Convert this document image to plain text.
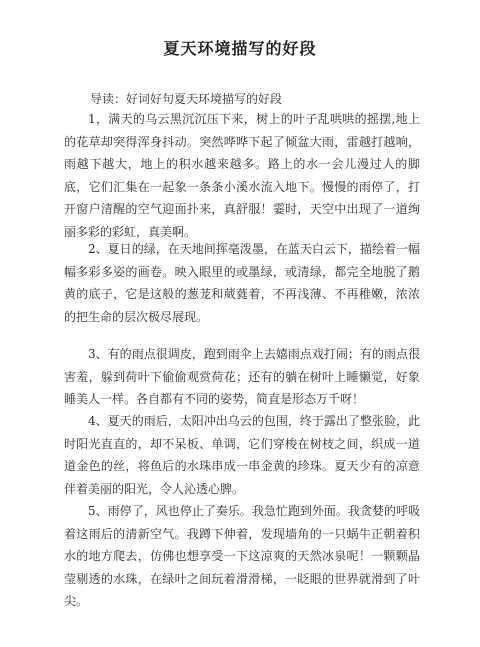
夏天环境描写的好段
导读：好词好句夏天环境描写的好段
1，满天的乌云黑沉沉压下来，树上的叶子乱哄哄的摇摆,地上的花草却突得浑身抖动。突然哗哗下起了倾盆大雨，雷越打越响，雨越下越大，地上的积水越来越多。路上的水一会儿漫过人的脚底，它们汇集在一起象一条条小溪水流入地下。慢慢的雨停了，打开窗户清醒的空气迎面扑来，真舒服！霎时，天空中出现了一道绚丽多彩的彩虹，真美啊。
2、夏日的绿，在天地间挥毫泼墨，在蓝天白云下，描绘着一幅幅多彩多姿的画卷。映入眼里的或墨绿，或清绿，都完全地脱了鹅黄的底子，它是这般的葱茏和葳蕤着，不再浅薄、不再稚嫩，浓浓的把生命的层次极尽展现。
3、有的雨点很调皮，跑到雨伞上去嬉雨点戏打闹；有的雨点很害羞，躲到荷叶下偷偷观赏荷花；还有的躺在树叶上睡懒觉，好象睡美人一样。各自都有不同的姿势，简直是形态万千呀！
4、夏天的雨后，太阳冲出乌云的包围，终于露出了整张脸，此时阳光直直的，却不呆板、单调，它们穿梭在树枝之间，织成一道道金色的丝，将鱼后的水珠串成一串金黄的珍珠。夏天少有的凉意伴着美丽的阳光，令人沁透心脾。
5、雨停了，风也停止了奏乐。我急忙跑到外面。我贪婪的呼吸着这雨后的清新空气。我蹲下伸着，发现墙角的一只蜗牛正朝着积水的地方爬去，仿佛也想享受一下这凉爽的天然冰泉呢！一颗颗晶莹剔透的水珠，在绿叶之间玩着滑滑梯，一眨眼的世界就滑到了叶尖。
